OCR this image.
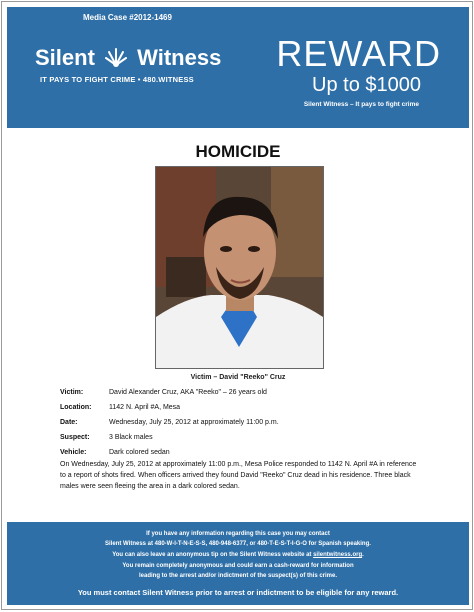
Media Case #2012-1469
Silent Witness
IT PAYS TO FIGHT CRIME • 480.WITNESS
REWARD
Up to $1000
Silent Witness – It pays to fight crime
HOMICIDE
Victim – David "Reeko" Cruz
Victim:	David Alexander Cruz, AKA "Reeko" – 26 years old
Location:	1142 N. April #A, Mesa
Date:	Wednesday, July 25, 2012 at approximately 11:00 p.m.
Suspect:	3 Black males
Vehicle:	Dark colored sedan
On Wednesday, July 25, 2012 at approximately 11:00 p.m., Mesa Police responded to 1142 N. April #A in reference to a report of shots fired. When officers arrived they found David "Reeko" Cruz dead in his residence. Three black males were seen fleeing the area in a dark colored sedan.
If you have any information regarding this case you may contact
Silent Witness at 480-W-I-T-N-E-S-S, 480-948-6377, or 480-T-E-S-T-I-G-O for Spanish speaking.
You can also leave an anonymous tip on the Silent Witness website at silentwitness.org.
You remain completely anonymous and could earn a cash-reward for information
leading to the arrest and/or indictment of the suspect(s) of this crime.
You must contact Silent Witness prior to arrest or indictment to be eligible for any reward.
